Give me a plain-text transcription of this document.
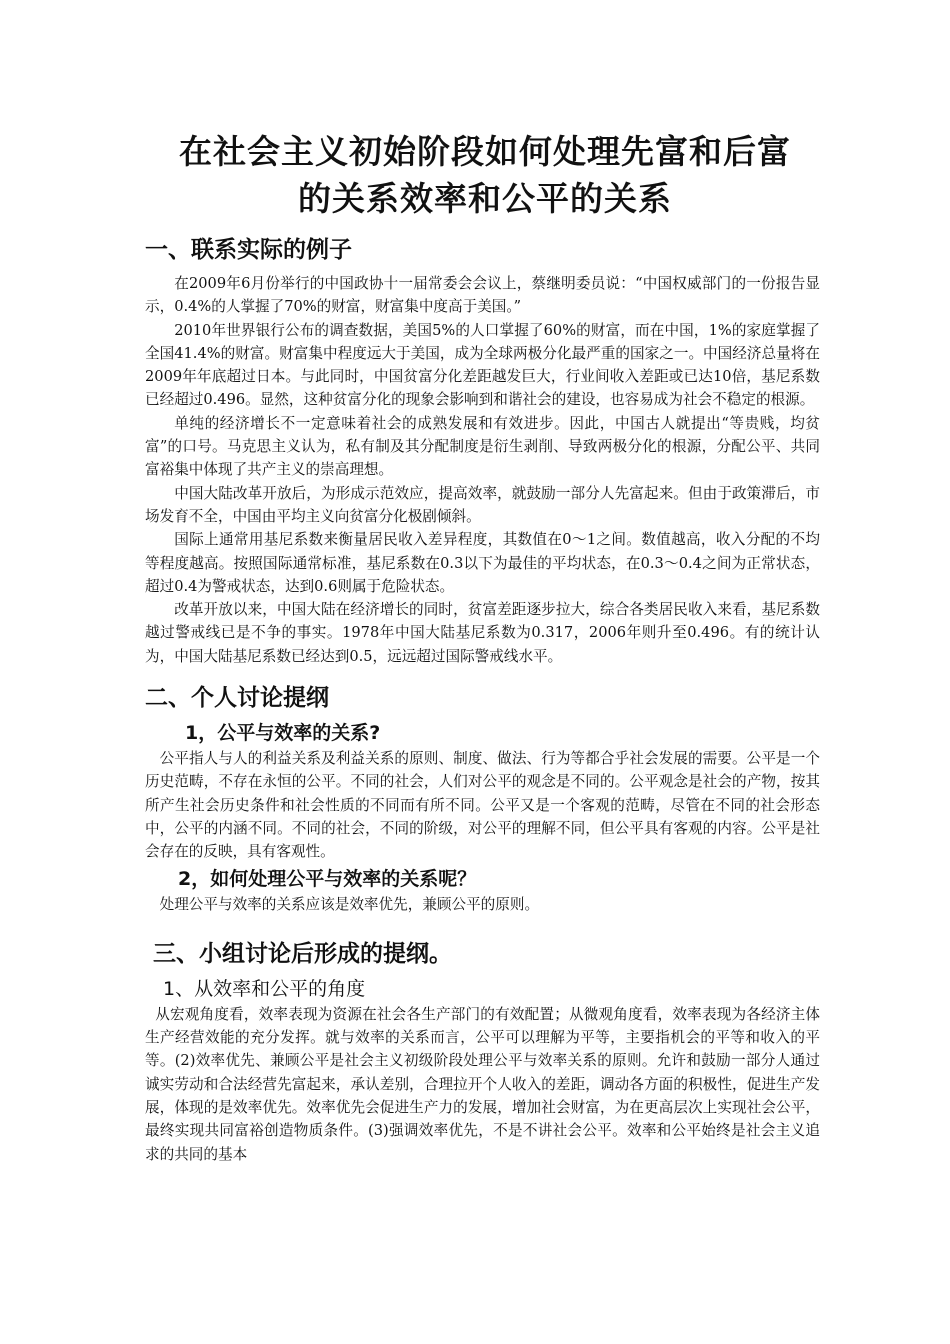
在社会主义初始阶段如何处理先富和后富
的关系效率和公平的关系
一、联系实际的例子

在2009年6月份举行的中国政协十一届常委会会议上，蔡继明委员说：“中国权威部门的一份报告显示，0.4%的人掌握了70%的财富，财富集中度高于美国。”

2010年世界银行公布的调查数据，美国5%的人口掌握了60%的财富，而在中国，1%的家庭掌握了全国41.4%的财富。财富集中程度远大于美国，成为全球两极分化最严重的国家之一。中国经济总量将在2009年年底超过日本。与此同时，中国贫富分化差距越发巨大，行业间收入差距或已达10倍，基尼系数已经超过0.496。显然，这种贫富分化的现象会影响到和谐社会的建设，也容易成为社会不稳定的根源。

单纯的经济增长不一定意味着社会的成熟发展和有效进步。因此，中国古人就提出“等贵贱，均贫富”的口号。马克思主义认为，私有制及其分配制度是衍生剥削、导致两极分化的根源，分配公平、共同富裕集中体现了共产主义的崇高理想。

中国大陆改革开放后，为形成示范效应，提高效率，就鼓励一部分人先富起来。但由于政策滞后，市场发育不全，中国由平均主义向贫富分化极剧倾斜。

国际上通常用基尼系数来衡量居民收入差异程度，其数值在0～1之间。数值越高，收入分配的不均等程度越高。按照国际通常标准，基尼系数在0.3以下为最佳的平均状态，在0.3～0.4之间为正常状态，超过0.4为警戒状态，达到0.6则属于危险状态。

改革开放以来，中国大陆在经济增长的同时，贫富差距逐步拉大，综合各类居民收入来看，基尼系数越过警戒线已是不争的事实。1978年中国大陆基尼系数为0.317，2006年则升至0.496。有的统计认为，中国大陆基尼系数已经达到0.5，远远超过国际警戒线水平。

二、个人讨论提纲
1，公平与效率的关系?

公平指人与人的利益关系及利益关系的原则、制度、做法、行为等都合乎社会发展的需要。公平是一个历史范畴，不存在永恒的公平。不同的社会，人们对公平的观念是不同的。公平观念是社会的产物，按其所产生社会历史条件和社会性质的不同而有所不同。公平又是一个客观的范畴，尽管在不同的社会形态中，公平的内涵不同。不同的社会，不同的阶级，对公平的理解不同，但公平具有客观的内容。公平是社会存在的反映，具有客观性。

2，如何处理公平与效率的关系呢？

处理公平与效率的关系应该是效率优先，兼顾公平的原则。

三、小组讨论后形成的提纲。
1、从效率和公平的角度

从宏观角度看，效率表现为资源在社会各生产部门的有效配置；从微观角度看，效率表现为各经济主体生产经营效能的充分发挥。就与效率的关系而言，公平可以理解为平等，主要指机会的平等和收入的平等。(2)效率优先、兼顾公平是社会主义初级阶段处理公平与效率关系的原则。允许和鼓励一部分人通过诚实劳动和合法经营先富起来，承认差别，合理拉开个人收入的差距，调动各方面的积极性，促进生产发展，体现的是效率优先。效率优先会促进生产力的发展，增加社会财富，为在更高层次上实现社会公平，最终实现共同富裕创造物质条件。(3)强调效率优先，不是不讲社会公平。效率和公平始终是社会主义追求的共同的基本
